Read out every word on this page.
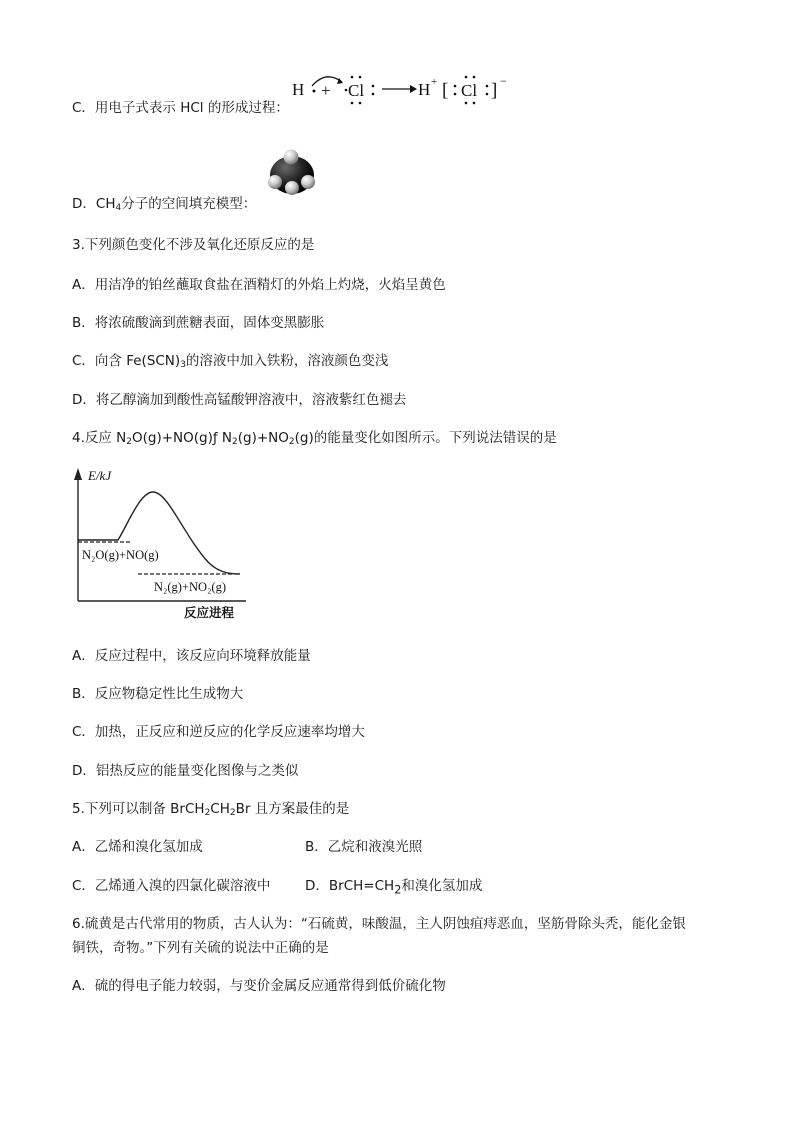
H + Cl	H + [ Cl ] −
C．用电子式表示 HCl 的形成过程：
D．$CH_4$分子的空间填充模型：
3.下列颜色变化不涉及氧化还原反应的是
A．用洁净的铂丝蘸取食盐在酒精灯的外焰上灼烧，火焰呈黄色
B．将浓硫酸滴到蔗糖表面，固体变黑膨胀
C．向含 $Fe(SCN)_3$的溶液中加入铁粉，溶液颜色变浅
D．将乙醇滴加到酸性高锰酸钾溶液中，溶液紫红色褪去
4.反应 $N_2O(g)+NO(g)ƒ$ $N_2(g)+NO_2(g)$的能量变化如图所示。下列说法错误的是
E/kJ
N₂O(g)+NO(g)
N₂(g)+NO₂(g)
反应进程
A．反应过程中，该反应向环境释放能量
B．反应物稳定性比生成物大
C．加热，正反应和逆反应的化学反应速率均增大
D．铝热反应的能量变化图像与之类似
5.下列可以制备 $BrCH_2CH_2Br$ 且方案最佳的是
A．乙烯和溴化氢加成	B．乙烷和液溴光照
C．乙烯通入溴的四氯化碳溶液中	D．$BrCH=CH_2$和溴化氢加成
6.硫黄是古代常用的物质，古人认为：“石硫黄，味酸温，主人阴蚀疽痔恶血，坚筋骨除头秃，能化金银
铜铁，奇物。”下列有关硫的说法中正确的是
A．硫的得电子能力较弱，与变价金属反应通常得到低价硫化物
